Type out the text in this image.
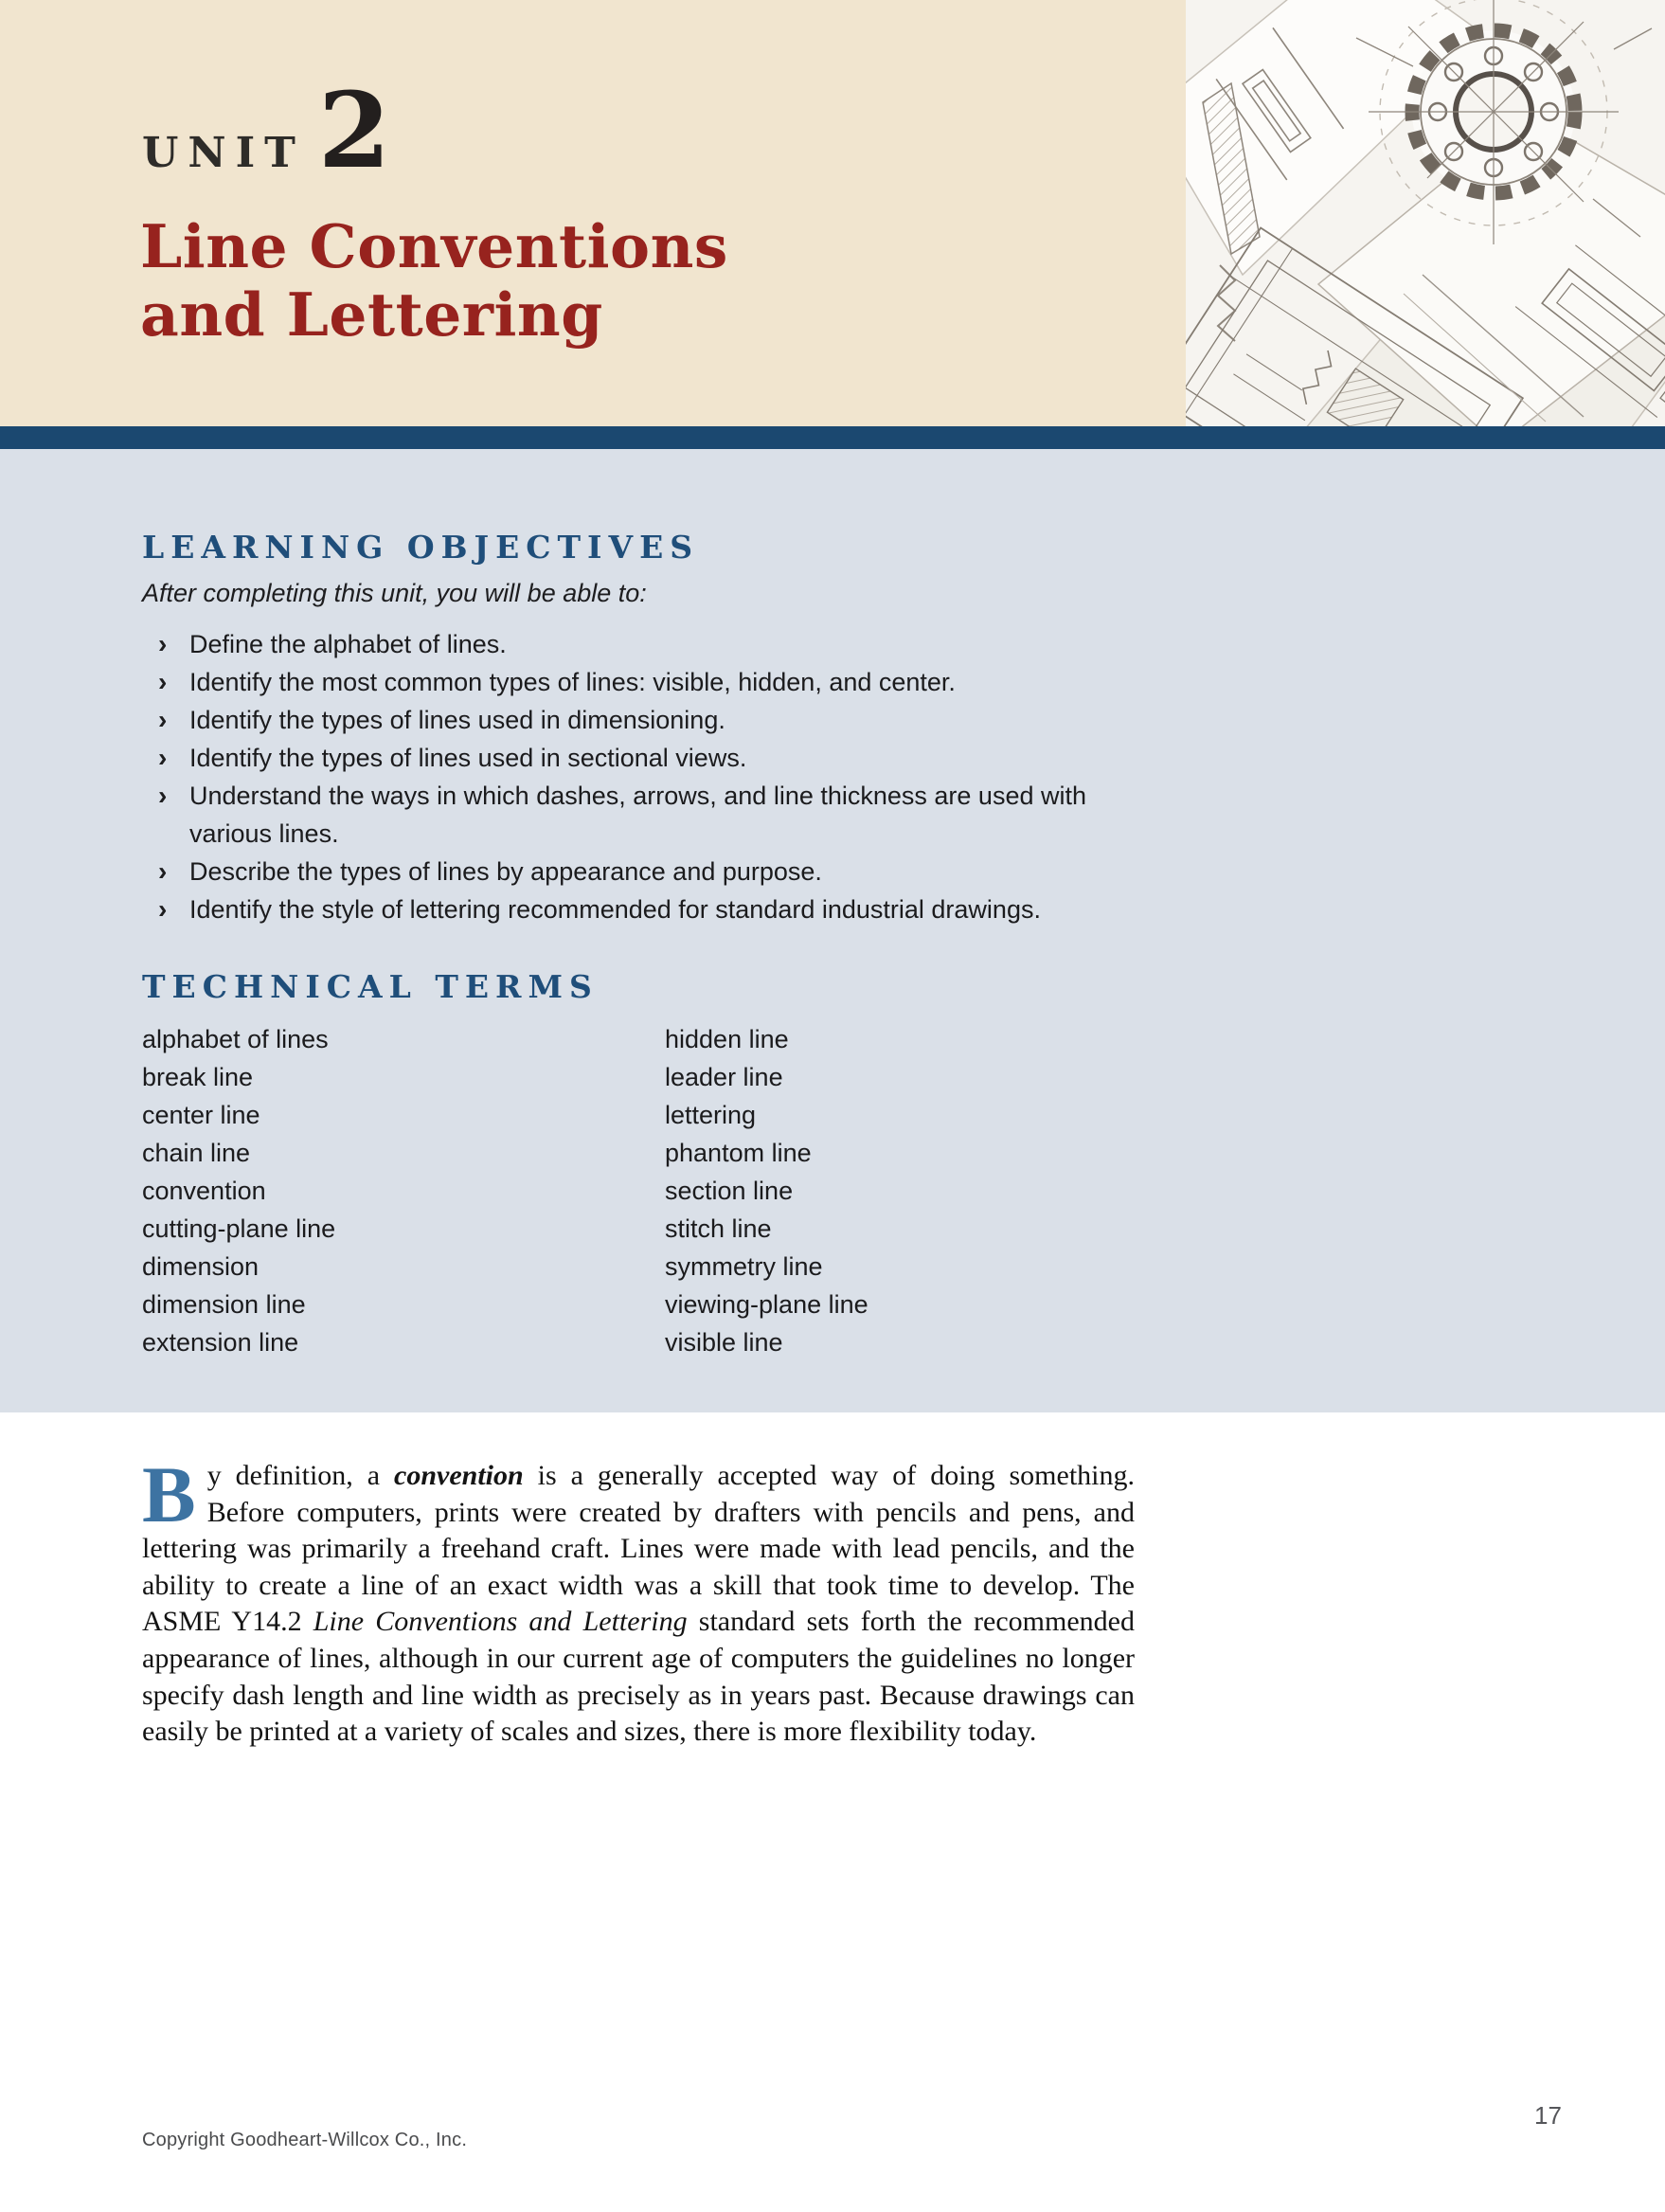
UNIT 2
Line Conventions
and Lettering
LEARNING OBJECTIVES
After completing this unit, you will be able to:
› Define the alphabet of lines.
› Identify the most common types of lines: visible, hidden, and center.
› Identify the types of lines used in dimensioning.
› Identify the types of lines used in sectional views.
› Understand the ways in which dashes, arrows, and line thickness are used with various lines.
› Describe the types of lines by appearance and purpose.
› Identify the style of lettering recommended for standard industrial drawings.
TECHNICAL TERMS
alphabet of lines
break line
center line
chain line
convention
cutting-plane line
dimension
dimension line
extension line
hidden line
leader line
lettering
phantom line
section line
stitch line
symmetry line
viewing-plane line
visible line

By definition, a convention is a generally accepted way of doing something. Before computers, prints were created by drafters with pencils and pens, and lettering was primarily a freehand craft. Lines were made with lead pencils, and the ability to create a line of an exact width was a skill that took time to develop. The ASME Y14.2 Line Conventions and Lettering standard sets forth the recommended appearance of lines, although in our current age of computers the guidelines no longer specify dash length and line width as precisely as in years past. Because drawings can easily be printed at a variety of scales and sizes, there is more flexibility today.

Copyright Goodheart-Willcox Co., Inc.
17
